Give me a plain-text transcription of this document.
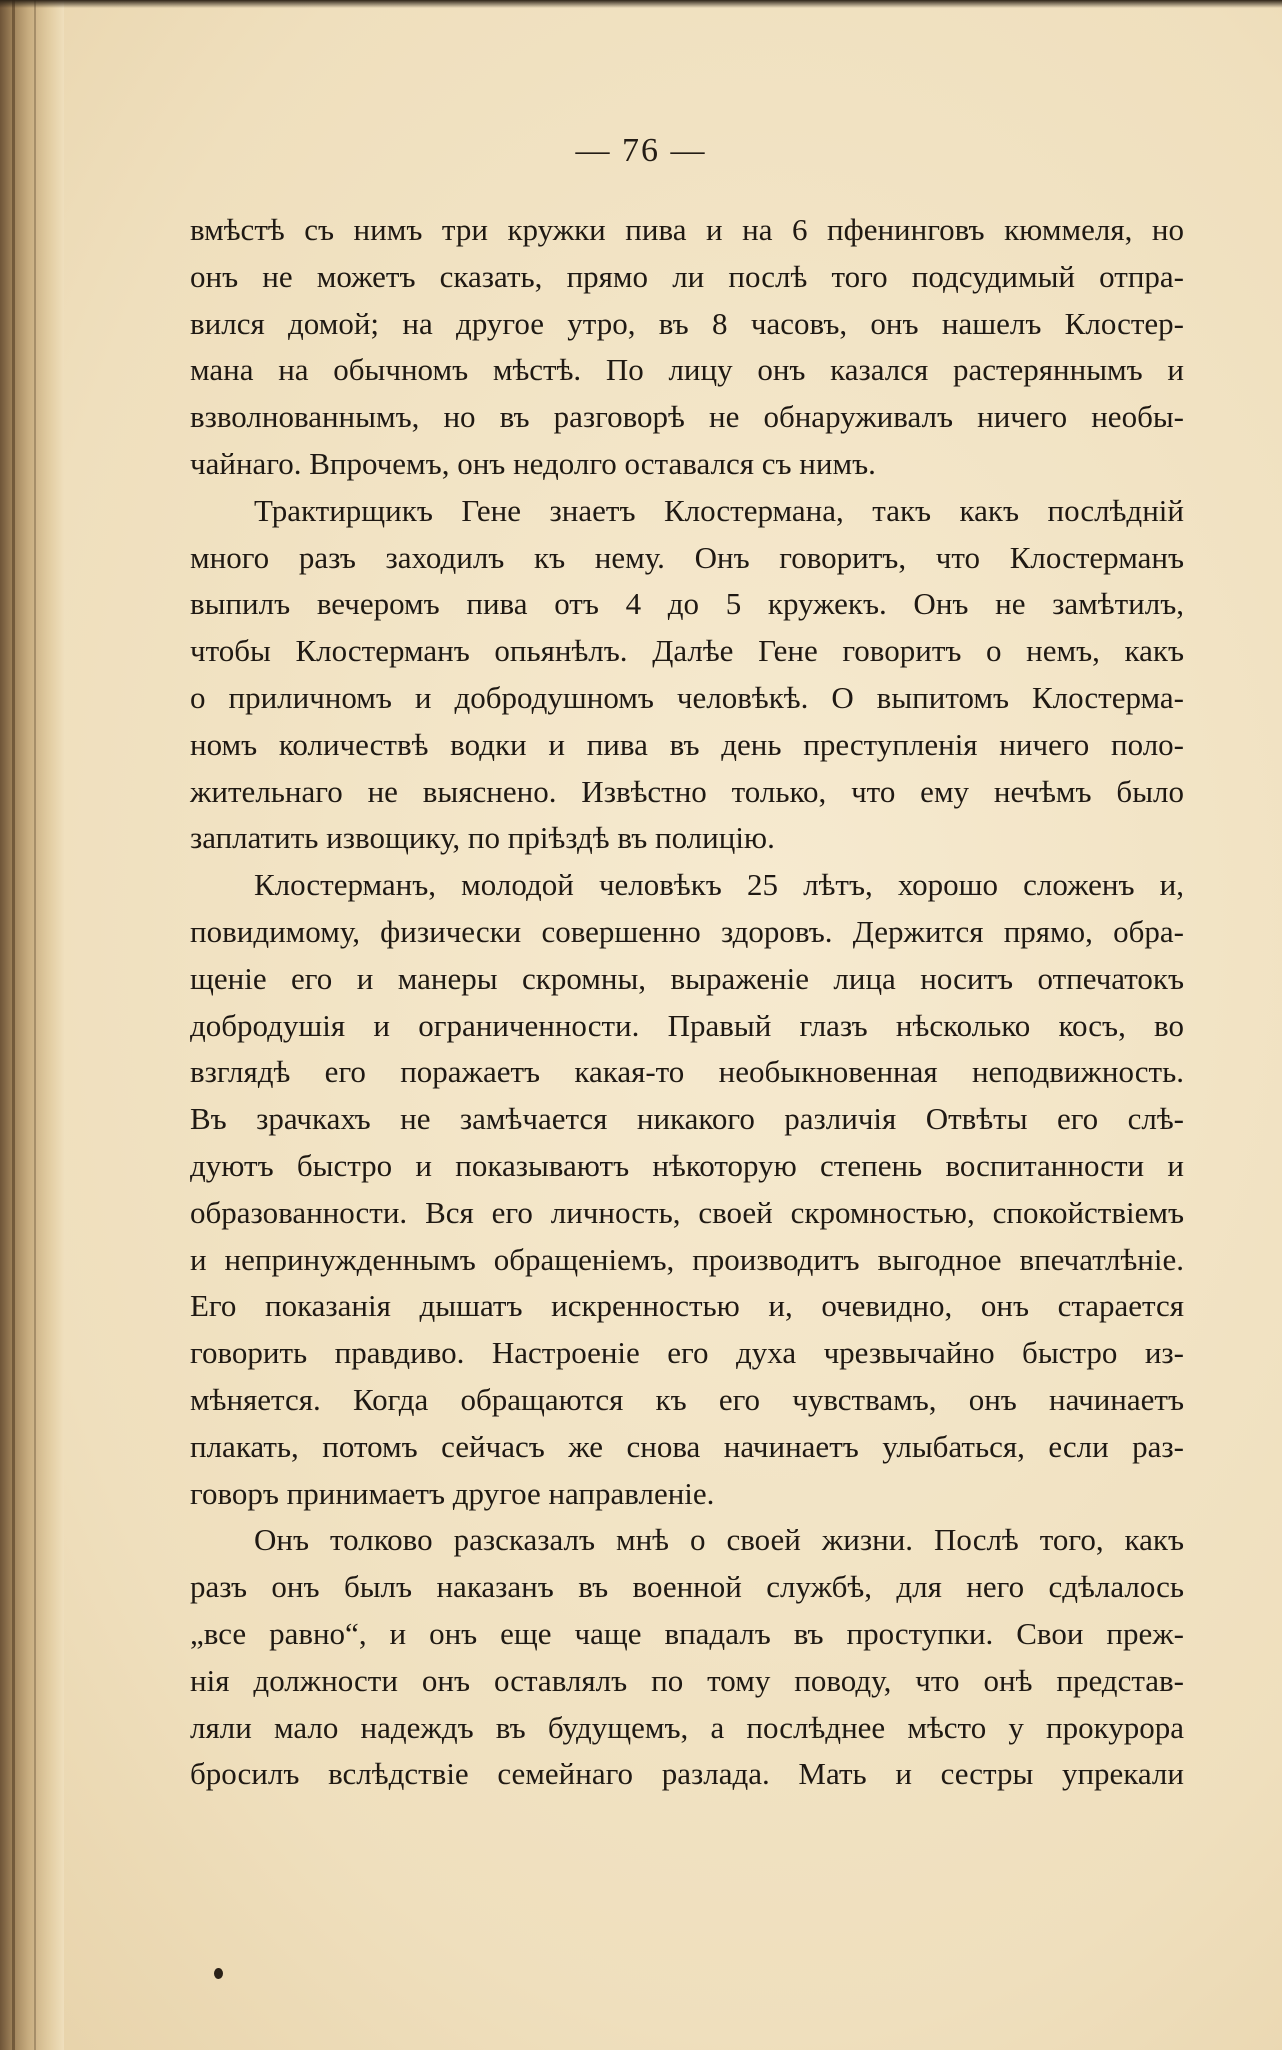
— 76 —
вмѣстѣ съ нимъ три кружки пива и на 6 пфенинговъ кюммеля, но
онъ не можетъ сказать, прямо ли послѣ того подсудимый отпра-
вился домой; на другое утро, въ 8 часовъ, онъ нашелъ Клостер-
мана на обычномъ мѣстѣ. По лицу онъ казался растеряннымъ и
взволнованнымъ, но въ разговорѣ не обнаруживалъ ничего необы-
чайнаго. Впрочемъ, онъ недолго оставался съ нимъ.
Трактирщикъ Гене знаетъ Клостермана, такъ какъ послѣднiй
много разъ заходилъ къ нему. Онъ говоритъ, что Клостерманъ
выпилъ вечеромъ пива отъ 4 до 5 кружекъ. Онъ не замѣтилъ,
чтобы Клостерманъ опьянѣлъ. Далѣе Гене говоритъ о немъ, какъ
о приличномъ и добродушномъ человѣкѣ. О выпитомъ Клостерма-
номъ количествѣ водки и пива въ день преступленiя ничего поло-
жительнаго не выяснено. Извѣстно только, что ему нечѣмъ было
заплатить извощику, по прiѣздѣ въ полицiю.
Клостерманъ, молодой человѣкъ 25 лѣтъ, хорошо сложенъ и,
повидимому, физически совершенно здоровъ. Держится прямо, обра-
щенiе его и манеры скромны, выраженiе лица носитъ отпечатокъ
добродушiя и ограниченности. Правый глазъ нѣсколько косъ, во
взглядѣ его поражаетъ какая-то необыкновенная неподвижность.
Въ зрачкахъ не замѣчается никакого различiя Отвѣты его слѣ-
дуютъ быстро и показываютъ нѣкоторую степень воспитанности и
образованности. Вся его личность, своей скромностью, спокойствiемъ
и непринужденнымъ обращенiемъ, производитъ выгодное впечатлѣнiе.
Его показанiя дышатъ искренностью и, очевидно, онъ старается
говорить правдиво. Настроенiе его духа чрезвычайно быстро из-
мѣняется. Когда обращаются къ его чувствамъ, онъ начинаетъ
плакать, потомъ сейчасъ же снова начинаетъ улыбаться, если раз-
говоръ принимаетъ другое направленiе.
Онъ толково разсказалъ мнѣ о своей жизни. Послѣ того, какъ
разъ онъ былъ наказанъ въ военной службѣ, для него сдѣлалось
„все равно“, и онъ еще чаще впадалъ въ проступки. Свои преж-
нiя должности онъ оставлялъ по тому поводу, что онѣ представ-
ляли мало надеждъ въ будущемъ, а послѣднее мѣсто у прокурора
бросилъ вслѣдствiе семейнаго разлада. Мать и сестры упрекали
